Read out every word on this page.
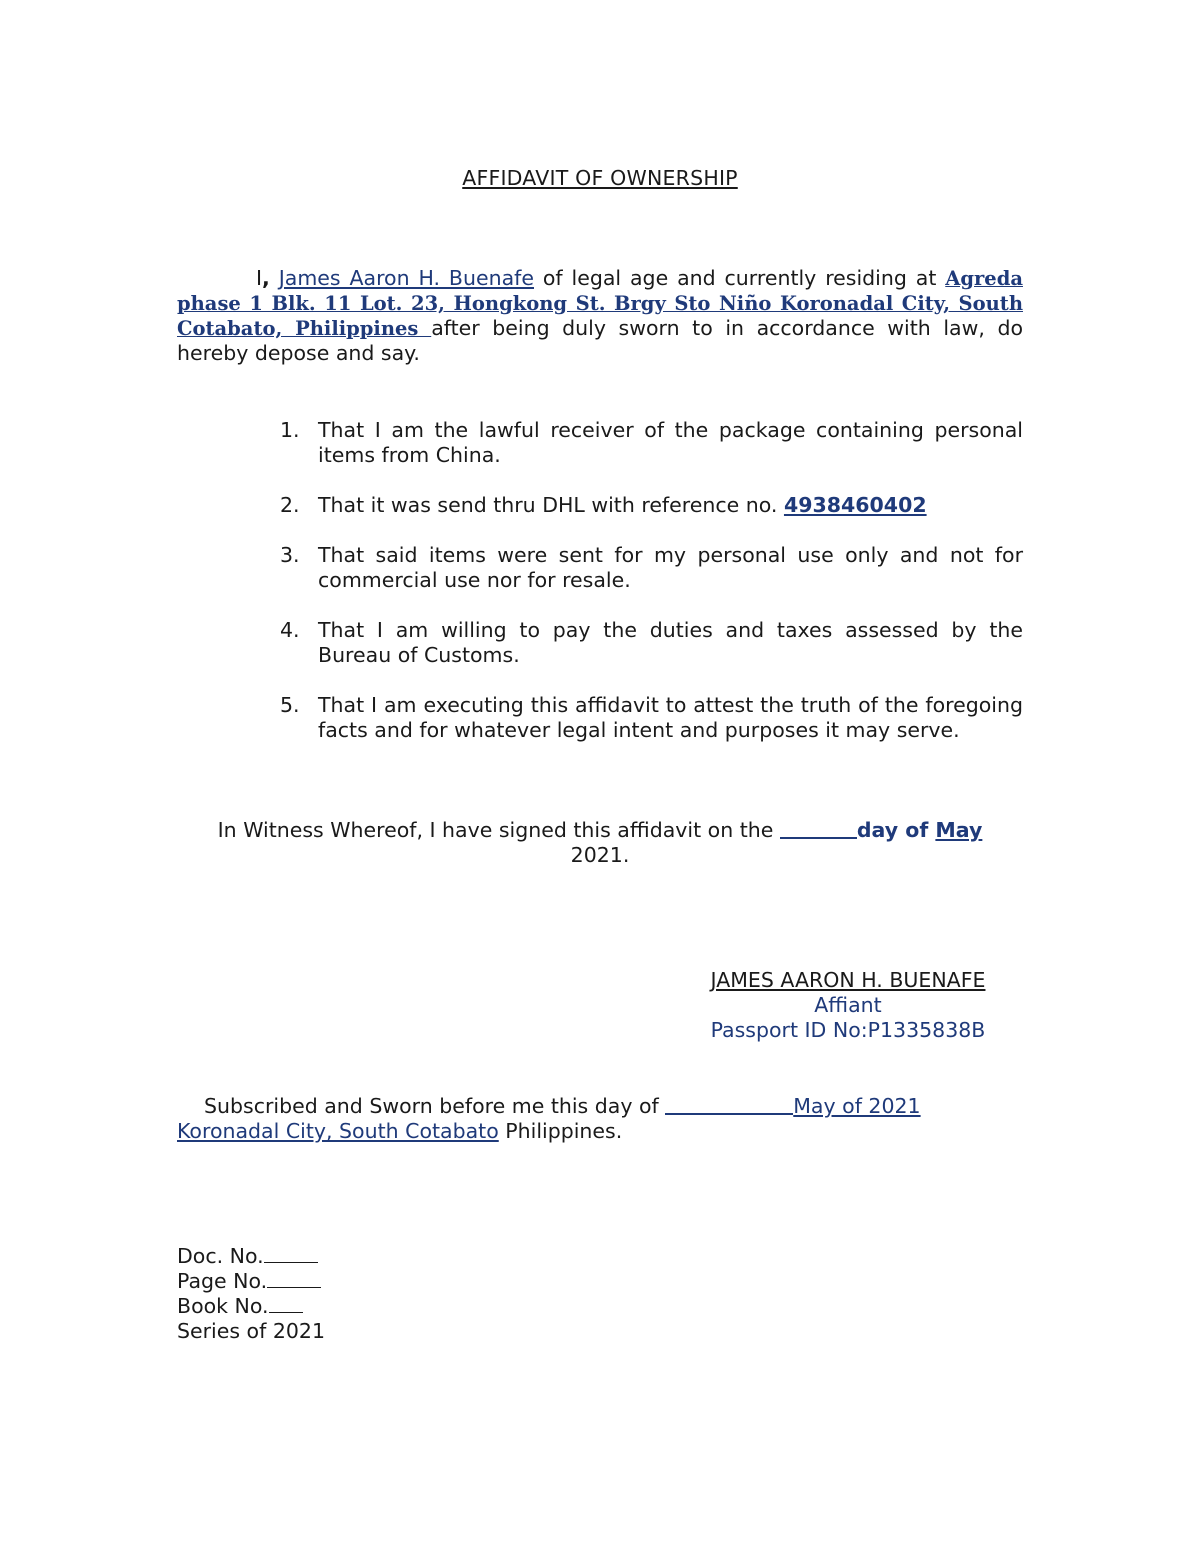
AFFIDAVIT OF OWNERSHIP
I, James Aaron H. Buenafe of legal age and currently residing at Agreda phase 1 Blk. 11 Lot. 23, Hongkong St. Brgy Sto Niño Koronadal City, South Cotabato, Philippines after being duly sworn to in accordance with law, do hereby depose and say.
1. That I am the lawful receiver of the package containing personal items from China.
2. That it was send thru DHL with reference no. 4938460402
3. That said items were sent for my personal use only and not for commercial use nor for resale.
4. That I am willing to pay the duties and taxes assessed by the Bureau of Customs.
5. That I am executing this affidavit to attest the truth of the foregoing facts and for whatever legal intent and purposes it may serve.
In Witness Whereof, I have signed this affidavit on the	day of May
2021.
JAMES AARON H. BUENAFE
Affiant
Passport ID No:P1335838B
Subscribed and Sworn before me this day of	May of 2021
Koronadal City, South Cotabato Philippines.
Doc. No.
Page No.
Book No.
Series of 2021
